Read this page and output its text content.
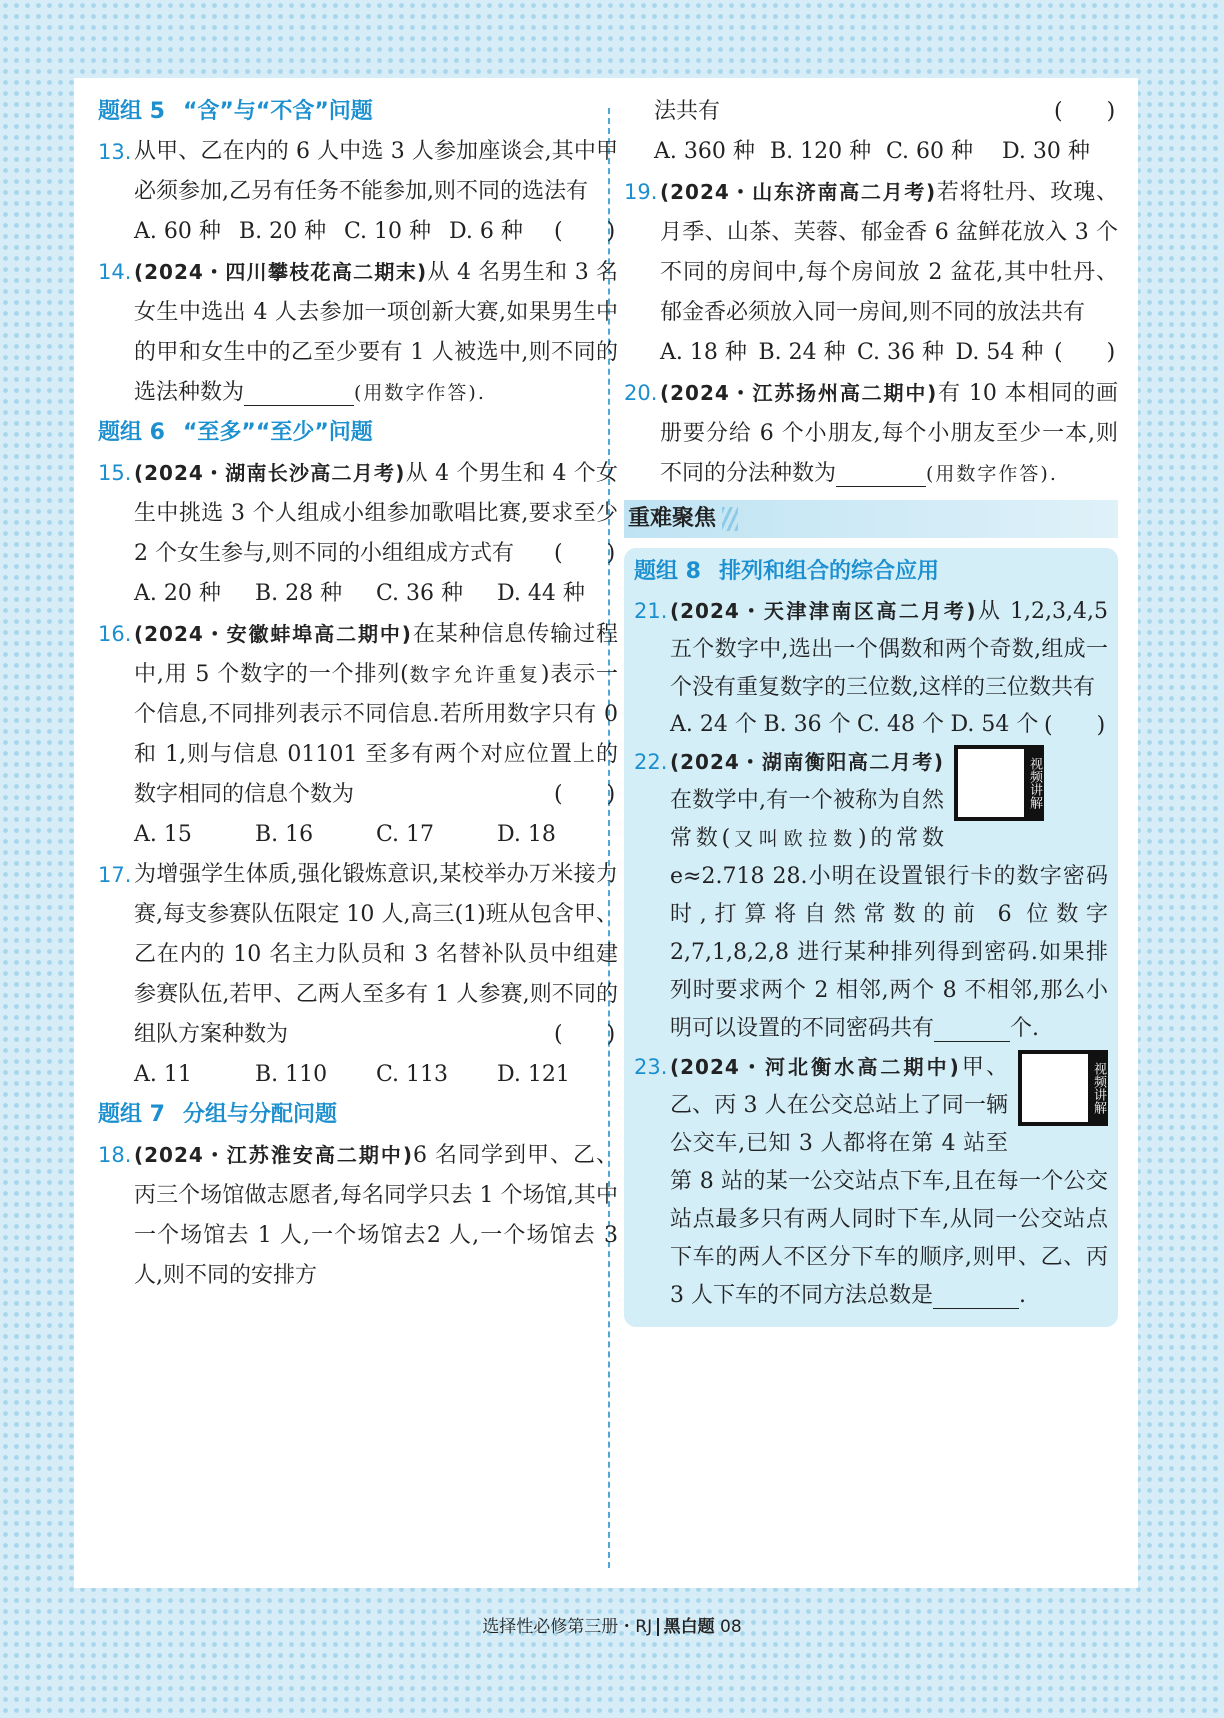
题组 5 “含”与“不含”问题
13. 从甲、乙在内的 6 人中选 3 人参加座谈会,其中甲必须参加,乙另有任务不能参加,则不同的选法有
(　　)
A. 60 种 B. 20 种 C. 10 种 D. 6 种
14. (2024・四川攀枝花高二期末)从 4 名男生和 3 名女生中选出 4 人去参加一项创新大赛,如果男生中的甲和女生中的乙至少要有 1 人被选中,则不同的选法种数为	(用数字作答).
题组 6 “至多”“至少”问题
15. (2024・湖南长沙高二月考)从 4 个男生和 4 个女生中挑选 3 个人组成小组参加歌唱比赛,要求至少 2 个女生参与,则不同的小组组成方式有 (　　)
A. 20 种	B. 28 种	C. 36 种	D. 44 种
16. (2024・安徽蚌埠高二期中)在某种信息传输过程中,用 5 个数字的一个排列(数字允许重复)表示一个信息,不同排列表示不同信息.若所用数字只有 0 和 1,则与信息 01101 至多有两个对应位置上的数字相同的信息个数为	(　　)
A. 15	B. 16	C. 17	D. 18
17. 为增强学生体质,强化锻炼意识,某校举办万米接力赛,每支参赛队伍限定 10 人,高三(1)班从包含甲、乙在内的 10 名主力队员和 3 名替补队员中组建参赛队伍,若甲、乙两人至多有 1 人参赛,则不同的组队方案种数为	(　　)
A. 11	B. 110	C. 113	D. 121
题组 7 分组与分配问题
18. (2024・江苏淮安高二期中)6 名同学到甲、乙、丙三个场馆做志愿者,每名同学只去 1 个场馆,其中一个场馆去 1 人,一个场馆去2 人,一个场馆去 3 人,则不同的安排方
法共有	(　　)
A. 360 种 B. 120 种 C. 60 种	D. 30 种
19. (2024・山东济南高二月考)若将牡丹、玫瑰、月季、山茶、芙蓉、郁金香 6 盆鲜花放入 3 个不同的房间中,每个房间放 2 盆花,其中牡丹、郁金香必须放入同一房间,则不同的放法共有
(　　)
A. 18 种 B. 24 种 C. 36 种 D. 54 种
20. (2024・江苏扬州高二期中)有 10 本相同的画册要分给 6 个小朋友,每个小朋友至少一本,则不同的分法种数为	(用数字作答).
重难聚焦
题组 8 排列和组合的综合应用
21. (2024・天津津南区高二月考)从 1,2,3,4,5 五个数字中,选出一个偶数和两个奇数,组成一个没有重复数字的三位数,这样的三位数共有
(　　)
A. 24 个 B. 36 个 C. 48 个 D. 54 个
22.	视频讲解
(2024・湖南衡阳高二月考)在数学中,有一个被称为自然常数(又叫欧拉数)的常数 e≈2.718 28.小明在设置银行卡的数字密码时,打算将自然常数的前 6 位数字 2,7,1,8,2,8 进行某种排列得到密码.如果排列时要求两个 2 相邻,两个 8 不相邻,那么小明可以设置的不同密码共有	个.
23.	视频讲解
(2024・河北衡水高二期中)甲、乙、丙 3 人在公交总站上了同一辆公交车,已知 3 人都将在第 4 站至第 8 站的某一公交站点下车,且在每一个公交站点最多只有两人同时下车,从同一公交站点下车的两人不区分下车的顺序,则甲、乙、丙 3 人下车的不同方法总数是	.
选择性必修第三册・RJ 黑白题 08
